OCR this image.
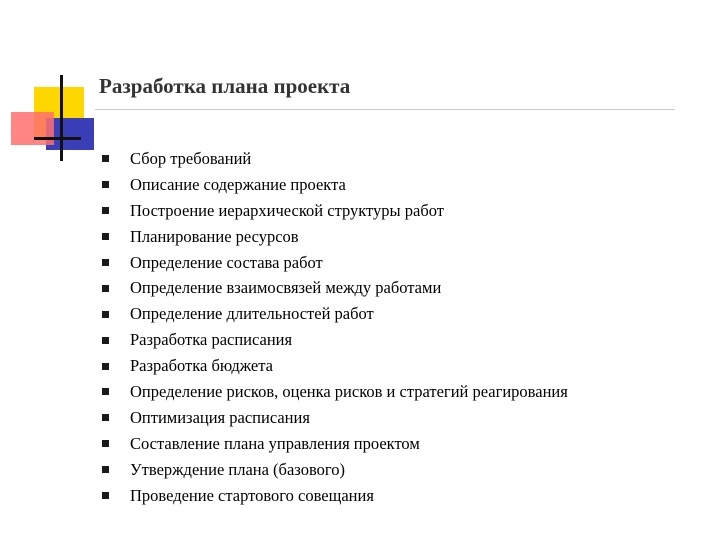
Разработка плана проекта
Сбор требований
Описание содержание проекта
Построение иерархической структуры работ
Планирование ресурсов
Определение состава работ
Определение взаимосвязей между работами
Определение длительностей работ
Разработка расписания
Разработка бюджета
Определение рисков, оценка рисков и стратегий реагирования
Оптимизация расписания
Составление плана управления проектом
Утверждение плана (базового)
Проведение стартового совещания
